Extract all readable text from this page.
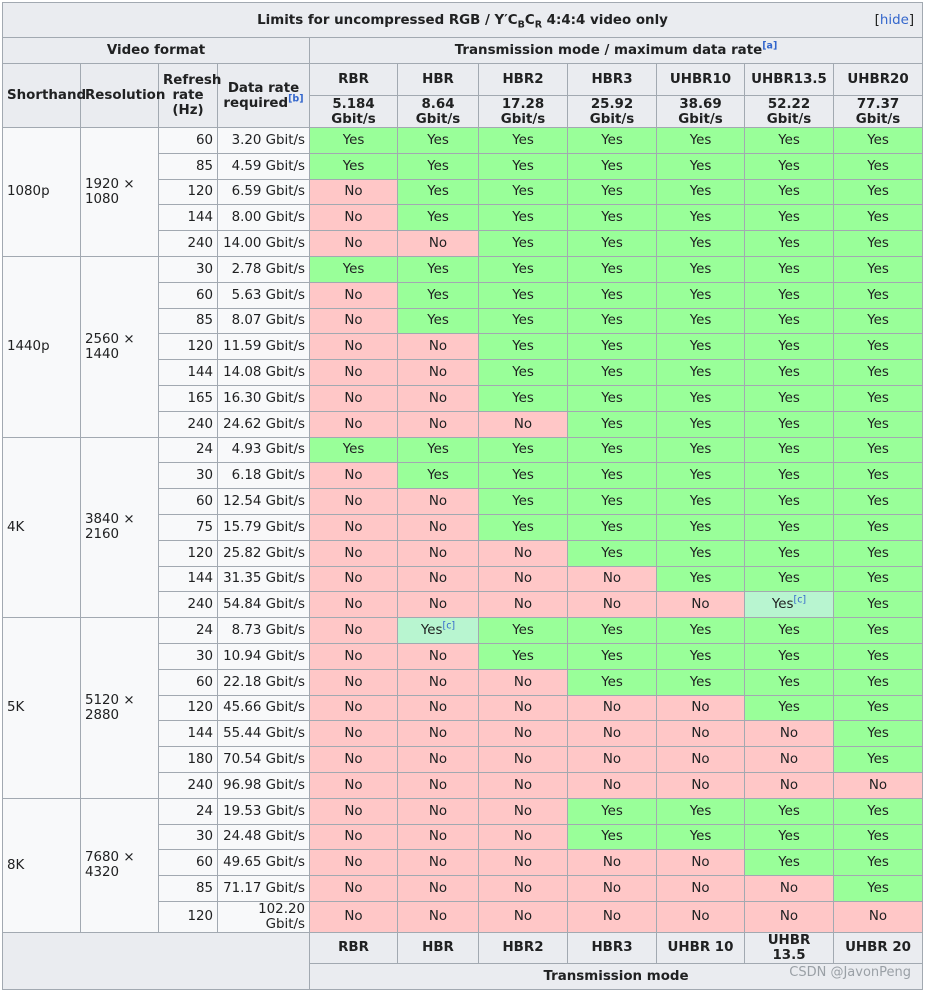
Limits for uncompressed RGB / $Y'C_BC_R$ 4:4:4 video only [hide]										

Video format				Transmission mode / maximum data rate[a]
Shorthand	Resolution	Refresh rate (Hz)	Data rate required[b]	RBR	HBR	HBR2	HBR3	UHBR10	UHBR13.5	UHBR20
				5.184 Gbit/s	8.64 Gbit/s	17.28 Gbit/s	25.92 Gbit/s	38.69 Gbit/s	52.22 Gbit/s	77.37 Gbit/s
1080p	1920 × 1080	60	3.20 Gbit/s	Yes	Yes	Yes	Yes	Yes	Yes	Yes
		85	4.59 Gbit/s	Yes	Yes	Yes	Yes	Yes	Yes	Yes
		120	6.59 Gbit/s	No	Yes	Yes	Yes	Yes	Yes	Yes
		144	8.00 Gbit/s	No	Yes	Yes	Yes	Yes	Yes	Yes
		240	14.00 Gbit/s	No	No	Yes	Yes	Yes	Yes	Yes
1440p	2560 × 1440	30	2.78 Gbit/s	Yes	Yes	Yes	Yes	Yes	Yes	Yes
		60	5.63 Gbit/s	No	Yes	Yes	Yes	Yes	Yes	Yes
		85	8.07 Gbit/s	No	Yes	Yes	Yes	Yes	Yes	Yes
		120	11.59 Gbit/s	No	No	Yes	Yes	Yes	Yes	Yes
		144	14.08 Gbit/s	No	No	Yes	Yes	Yes	Yes	Yes
		165	16.30 Gbit/s	No	No	Yes	Yes	Yes	Yes	Yes
		240	24.62 Gbit/s	No	No	No	Yes	Yes	Yes	Yes
4K	3840 × 2160	24	4.93 Gbit/s	Yes	Yes	Yes	Yes	Yes	Yes	Yes
		30	6.18 Gbit/s	No	Yes	Yes	Yes	Yes	Yes	Yes
		60	12.54 Gbit/s	No	No	Yes	Yes	Yes	Yes	Yes
		75	15.79 Gbit/s	No	No	Yes	Yes	Yes	Yes	Yes
		120	25.82 Gbit/s	No	No	No	Yes	Yes	Yes	Yes
		144	31.35 Gbit/s	No	No	No	No	Yes	Yes	Yes
		240	54.84 Gbit/s	No	No	No	No	No	Yes[c]	Yes
5K	5120 × 2880	24	8.73 Gbit/s	No	Yes[c]	Yes	Yes	Yes	Yes	Yes
		30	10.94 Gbit/s	No	No	Yes	Yes	Yes	Yes	Yes
		60	22.18 Gbit/s	No	No	No	Yes	Yes	Yes	Yes
		120	45.66 Gbit/s	No	No	No	No	No	Yes	Yes
		144	55.44 Gbit/s	No	No	No	No	No	No	Yes
		180	70.54 Gbit/s	No	No	No	No	No	No	Yes
		240	96.98 Gbit/s	No	No	No	No	No	No	No
8K	7680 × 4320	24	19.53 Gbit/s	No	No	No	Yes	Yes	Yes	Yes
		30	24.48 Gbit/s	No	No	No	Yes	Yes	Yes	Yes
		60	49.65 Gbit/s	No	No	No	No	No	Yes	Yes
		85	71.17 Gbit/s	No	No	No	No	No	No	Yes
		120	102.20 Gbit/s	No	No	No	No	No	No	No
				RBR	HBR	HBR2	HBR3	UHBR 10	UHBR 13.5	UHBR 20
				Transmission mode							CSDN @JavonPeng
